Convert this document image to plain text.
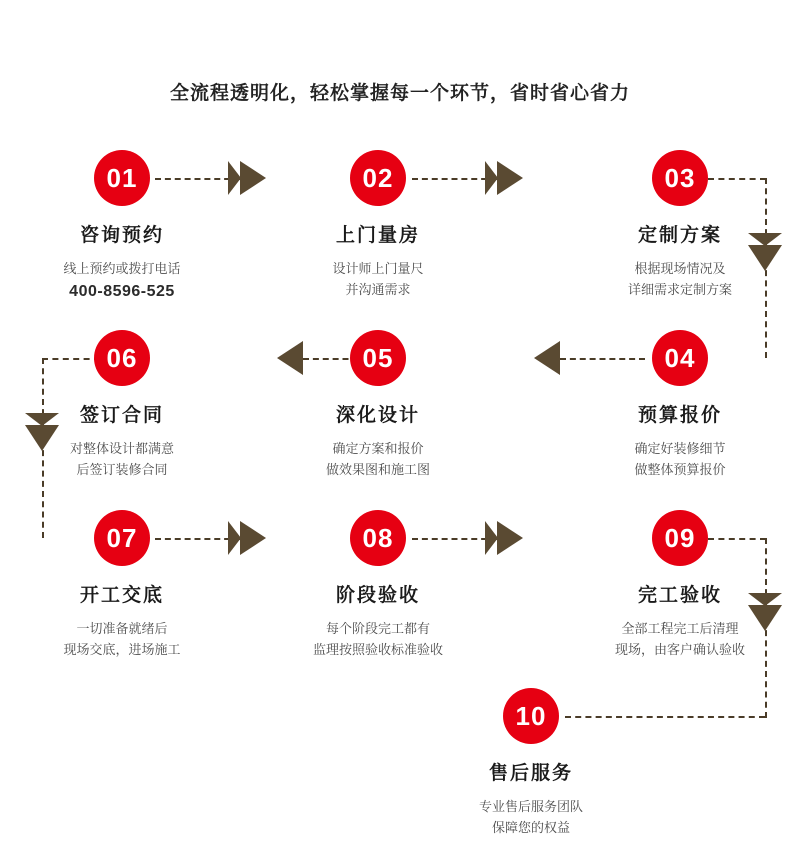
全流程透明化，轻松掌握每一个环节，省时省心省力
01
咨询预约
线上预约或拨打电话
400-8596-525
02
上门量房
设计师上门量尺
并沟通需求
03
定制方案
根据现场情况及
详细需求定制方案
04
预算报价
确定好装修细节
做整体预算报价
05
深化设计
确定方案和报价
做效果图和施工图
06
签订合同
对整体设计都满意
后签订装修合同
07
开工交底
一切准备就绪后
现场交底，进场施工
08
阶段验收
每个阶段完工都有
监理按照验收标准验收
09
完工验收
全部工程完工后清理
现场，由客户确认验收
10
售后服务
专业售后服务团队
保障您的权益
